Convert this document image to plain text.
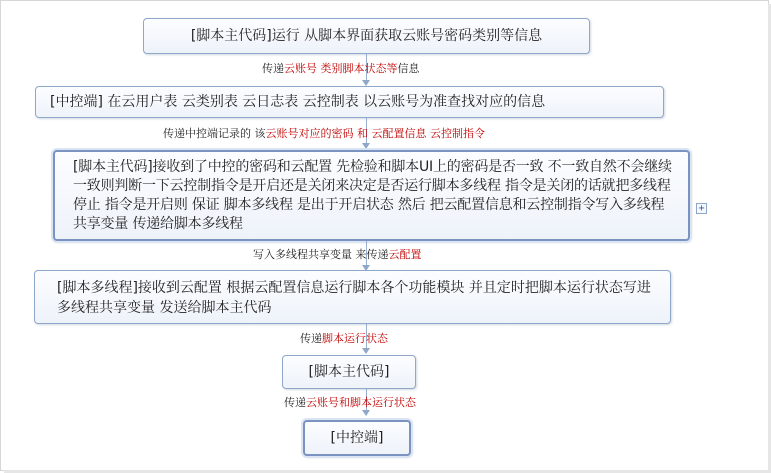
[脚本主代码]运行 从脚本界面获取云账号密码类别等信息
传递云账号 类别脚本状态等信息
[中控端] 在云用户表 云类别表 云日志表 云控制表 以云账号为准查找对应的信息
传递中控端记录的 该云账号对应的密码 和 云配置信息 云控制指令
[脚本主代码]接收到了中控的密码和云配置 先检验和脚本UI上的密码是否一致 不一致自然不会继续 一致则判断一下云控制指令是开启还是关闭来决定是否运行脚本多线程 指令是关闭的话就把多线程停止 指令是开启则 保证 脚本多线程 是出于开启状态 然后 把云配置信息和云控制指令写入多线程共享变量 传递给脚本多线程
+
写入多线程共享变量 来传递云配置
[脚本多线程]接收到云配置 根据云配置信息运行脚本各个功能模块 并且定时把脚本运行状态写进多线程共享变量 发送给脚本主代码
传递脚本运行状态
[脚本主代码]
传递云账号和脚本运行状态
[中控端]
